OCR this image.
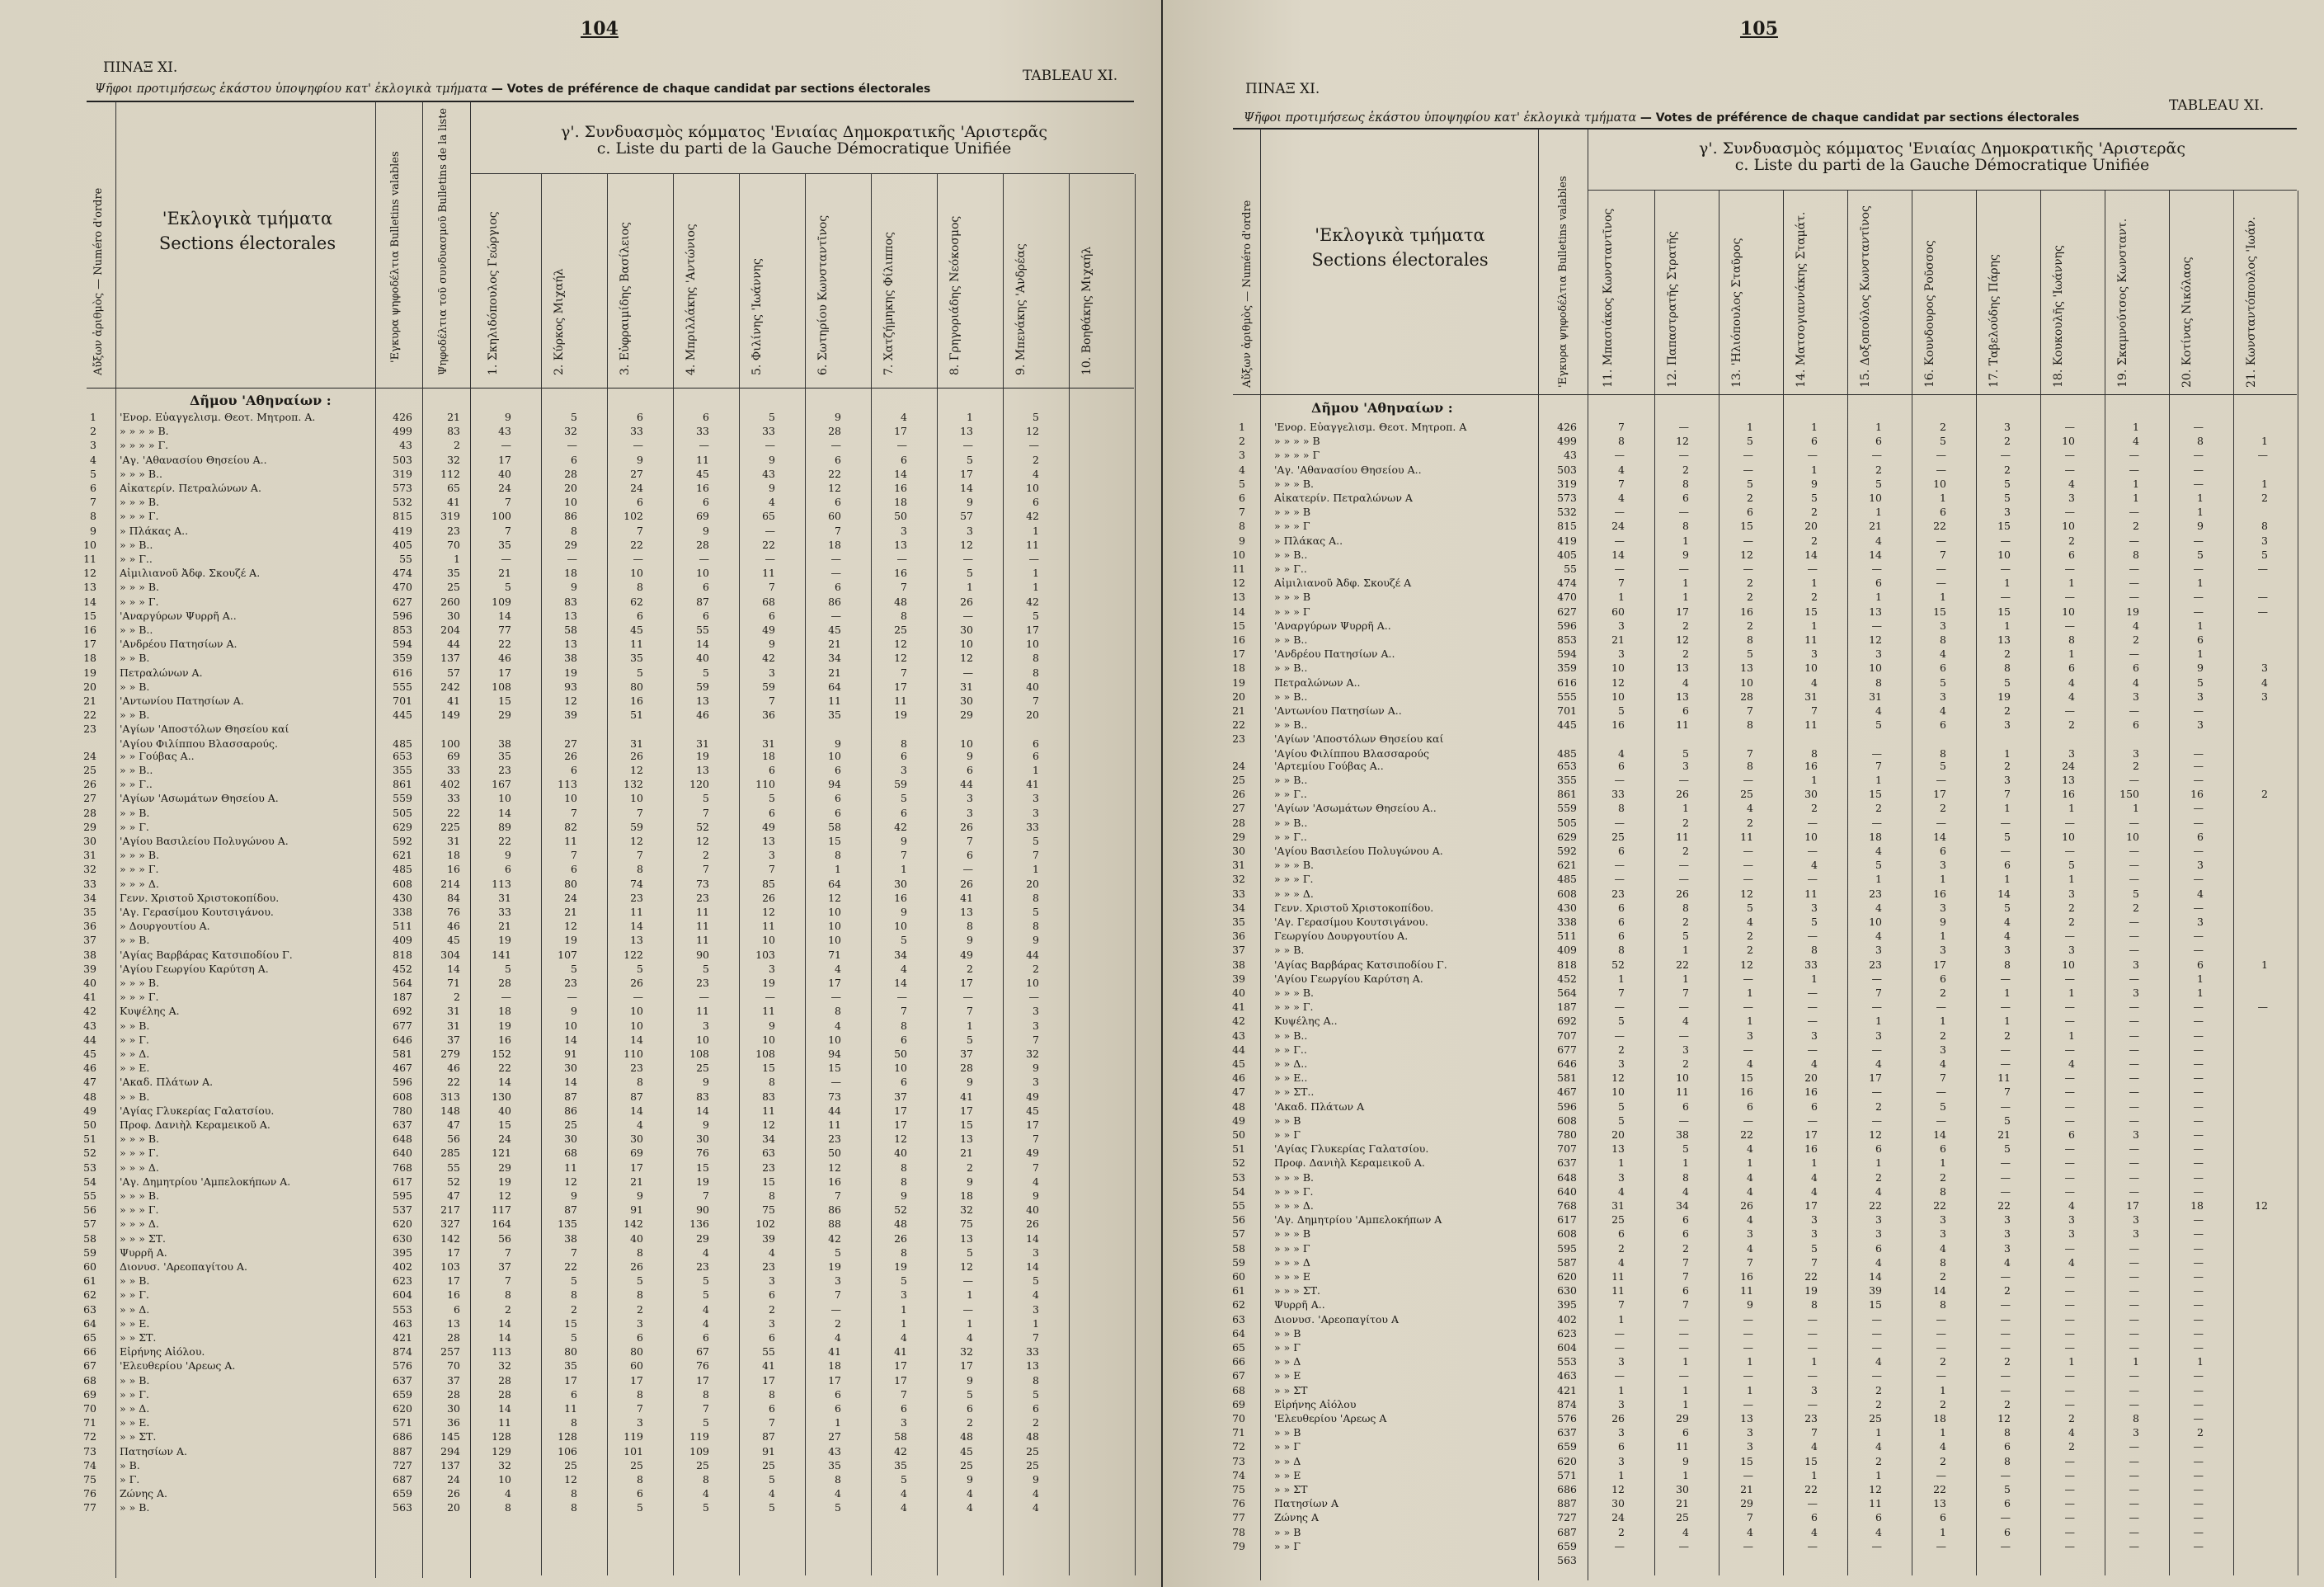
104
ΠΙΝΑΞ XI.	TABLEAU XI.
Ψῆφοι προτιμήσεως ἑκάστου ὑποψηφίου κατ' ἐκλογικὰ τμήματα — Votes de préférence de chaque candidat par sections électorales
γ'. Συνδυασμὸς κόμματος 'Ενιαίας Δημοκρατικῆς 'Αριστερᾶς
c. Liste du parti de la Gauche Démocratique Unifiée
'Εκλογικὰ τμήματα
Sections électorales
Αὔξων ἀριθμὸς — Numéro d'ordre	'Εγκυρα ψηφοδέλτια Bulletins valables	Ψηφοδέλτια τοῦ συνδυασμοῦ Bulletins de la liste	1. Σκηλιδόπουλος Γεώργιος	2. Κύρκος Μιχαήλ	3. Εὐφραιμίδης Βασίλειος	4. Μπριλλάκης 'Αντώνιος	5. Φιλίνης 'Ιωάννης	6. Σωτηρίου Κωνσταντῖνος	7. Χατζήμηκης Φίλιππος	8. Γρηγοριάδης Νεόκοσμος	9. Μπενάκης 'Ανδρέας	10. Βοηθάκης Μιχαήλ
Δῆμου 'Αθηναίων :
1 'Ενορ. Εὐαγγελισμ. Θεοτ. Μητροπ. Α.	426	21	9	5	6	6	5	9	4	1	5
2 » » » » Β.	499	83	43	32	33	33	33	28	17	13	12
3 » » » » Γ.	43	2	—	—	—	—	—	—	—	—	—
4 'Αγ. 'Αθανασίου Θησείου Α..	503	32	17	6	9	11	9	6	6	5	2
5 » » » Β..	319	112	40	28	27	45	43	22	14	17	4
6 Αἰκατερίν. Πετραλώνων Α.	573	65	24	20	24	16	9	12	16	14	10
7 » » » Β.	532	41	7	10	6	6	4	6	18	9	6
8 » » » Γ.	815	319	100	86	102	69	65	60	50	57	42
9 » Πλάκας Α..	419	23	7	8	7	9	—	7	3	3	1
10 » » Β..	405	70	35	29	22	28	22	18	13	12	11
11 » » Γ..	55	1	—	—	—	—	—	—	—	—	—
12 Αἰμιλιανοῦ Ἀδφ. Σκουζέ Α.	474	35	21	18	10	10	11	—	16	5	1
13 » » » Β.	470	25	5	9	8	6	7	6	7	1	1
14 » » » Γ.	627	260	109	83	62	87	68	86	48	26	42
15 'Αναργύρων Ψυρρῆ Α..	596	30	14	13	6	6	6	—	8	—	5
16 » » Β..	853	204	77	58	45	55	49	45	25	30	17
17 'Ανδρέου Πατησίων Α.	594	44	22	13	11	14	9	21	12	10	10
18 » » Β.	359	137	46	38	35	40	42	34	12	12	8
19 Πετραλώνων Α.	616	57	17	19	5	5	3	21	7	—	8
20 » » Β.	555	242	108	93	80	59	59	64	17	31	40
21 'Αντωνίου Πατησίων Α.	701	41	15	12	16	13	7	11	11	30	7
22 » » Β.	445	149	29	39	51	46	36	35	19	29	20
23 'Αγίων 'Αποστόλων Θησείου καί
'Αγίου Φιλίππου Βλασσαρούς.	485	100	38	27	31	31	31	9	8	10	6
24 » » Γούβας Α..	653	69	35	26	26	19	18	10	6	9	6
25 » » Β..	355	33	23	6	12	13	6	6	3	6	1
26 » » Γ..	861	402	167	113	132	120	110	94	59	44	41
27 'Αγίων 'Ασωμάτων Θησείου Α.	559	33	10	10	10	5	5	6	5	3	3
28 » » Β.	505	22	14	7	7	7	6	6	6	3	3
29 » » Γ.	629	225	89	82	59	52	49	58	42	26	33
30 'Αγίου Βασιλείου Πολυγώνου Α.	592	31	22	11	12	12	13	15	9	7	5
31 » » » Β.	621	18	9	7	7	2	3	8	7	6	7
32 » » » Γ.	485	16	6	6	8	7	7	1	1	—	1
33 » » » Δ.	608	214	113	80	74	73	85	64	30	26	20
34 Γενν. Χριστοῦ Χριστοκοπίδου.	430	84	31	24	23	23	26	12	16	41	8
35 'Αγ. Γερασίμου Κουτσιγάνου.	338	76	33	21	11	11	12	10	9	13	5
36 » Δουργουτίου Α.	511	46	21	12	14	11	11	10	10	8	8
37 » » Β.	409	45	19	19	13	11	10	10	5	9	9
38 'Αγίας Βαρβάρας Κατσιποδίου Γ.	818	304	141	107	122	90	103	71	34	49	44
39 'Αγίου Γεωργίου Καρύτση Α.	452	14	5	5	5	5	3	4	4	2	2
40 » » » Β.	564	71	28	23	26	23	19	17	14	17	10
41 » » » Γ.	187	2	—	—	—	—	—	—	—	—	—
42 Κυψέλης Α.	692	31	18	9	10	11	11	8	7	7	3
43 » » Β.	677	31	19	10	10	3	9	4	8	1	3
44 » » Γ.	646	37	16	14	14	10	10	10	6	5	7
45 » » Δ.	581	279	152	91	110	108	108	94	50	37	32
46 » » Ε.	467	46	22	30	23	25	15	15	10	28	9
47 'Ακαδ. Πλάτων Α.	596	22	14	14	8	9	8	—	6	9	3
48 » » Β.	608	313	130	87	87	83	83	73	37	41	49
49 'Αγίας Γλυκερίας Γαλατσίου.	780	148	40	86	14	14	11	44	17	17	45
50 Προφ. Δανιὴλ Κεραμεικοῦ Α.	637	47	15	25	4	9	12	11	17	15	17
51 » » » Β.	648	56	24	30	30	30	34	23	12	13	7
52 » » » Γ.	640	285	121	68	69	76	63	50	40	21	49
53 » » » Δ.	768	55	29	11	17	15	23	12	8	2	7
54 'Αγ. Δημητρίου 'Αμπελοκήπων Α.	617	52	19	12	21	19	15	16	8	9	4
55 » » » Β.	595	47	12	9	9	7	8	7	9	18	9
56 » » » Γ.	537	217	117	87	91	90	75	86	52	32	40
57 » » » Δ.	620	327	164	135	142	136	102	88	48	75	26
58 » » » ΣΤ.	630	142	56	38	40	29	39	42	26	13	14
59 Ψυρρῆ Α.	395	17	7	7	8	4	4	5	8	5	3
60 Διονυσ. 'Αρεοπαγίτου Α.	402	103	37	22	26	23	23	19	19	12	14
61 » » Β.	623	17	7	5	5	5	3	3	5	—	5
62 » » Γ.	604	16	8	8	8	5	6	7	3	1	4
63 » » Δ.	553	6	2	2	2	4	2	—	1	—	3
64 » » Ε.	463	13	14	15	3	4	3	2	1	1	1
65 » » ΣΤ.	421	28	14	5	6	6	6	4	4	4	7
66 Εἰρήνης Αἰόλου.	874	257	113	80	80	67	55	41	41	32	33
67 'Ελευθερίου 'Αρεως Α.	576	70	32	35	60	76	41	18	17	17	13
68 » » Β.	637	37	28	17	17	17	17	17	17	9	8
69 » » Γ.	659	28	28	6	8	8	8	6	7	5	5
70 » » Δ.	620	30	14	11	7	7	6	6	6	6	6
71 » » Ε.	571	36	11	8	3	5	7	1	3	2	2
72 » » ΣΤ.	686	145	128	128	119	119	87	27	58	48	48
73 Πατησίων Α.	887	294	129	106	101	109	91	43	42	45	25
74 » Β.	727	137	32	25	25	25	25	35	35	25	25
75 » Γ.	687	24	10	12	8	8	5	8	5	9	9
76 Ζώνης Α.	659	26	4	8	6	4	4	4	4	4	4
77 » » Β.	563	20	8	8	5	5	5	5	4	4	4
105
ΠΙΝΑΞ XI.
TABLEAU XI.
Ψῆφοι προτιμήσεως ἑκάστου ὑποψηφίου κατ' ἐκλογικὰ τμήματα — Votes de préférence de chaque candidat par sections électorales
γ'. Συνδυασμὸς κόμματος 'Ενιαίας Δημοκρατικῆς 'Αριστερᾶς
c. Liste du parti de la Gauche Démocratique Unifiée
'Εκλογικὰ τμήματα
Sections électorales
Αὔξων ἀριθμὸς — Numéro d'ordre	'Εγκυρα ψηφοδέλτια Bulletins valables	11. Μπασιάκος Κωνσταντῖνος	12. Παπαστρατῆς Στρατῆς	13. 'Ηλιόπουλος Σταῦρος	14. Ματσογιαννάκης Σταμάτ.	15. Δοξοπούλος Κωνσταντῖνος	16. Κουνδουρος Ροῦσσος	17. Ταβελούδης Πάρης	18. Κουκουλῆς 'Ιωάννης	19. Σκαμνούτσος Κωνσταντ.	20. Κοτίνας Νικόλαος	21. Κωνσταντόπουλος 'Ιωάν.
Δῆμου 'Αθηναίων :
1	'Ενορ. Εὐαγγελισμ. Θεοτ. Μητροπ. Α	426	7	—	1	1	1	2	3	—	1	—
2	» » » » Β	499	8	12	5	6	6	5	2	10	4	8	1
3	» » » » Γ	43	—	—	—	—	—	—	—	—	—	—	—
4	'Αγ. 'Αθανασίου Θησείου Α..	503	4	2	—	1	2	—	2	—	—	—
5	» » » Β.	319	7	8	5	9	5	10	5	4	1	—	1
6	Αἰκατερίν. Πετραλώνων Α	573	4	6	2	5	10	1	5	3	1	1	2
7	» » » Β	532	—	—	6	2	1	6	3	—	—	1
8	» » » Γ	815	24	8	15	20	21	22	15	10	2	9	8
9	» Πλάκας Α..	419	—	1	—	2	4	—	—	2	—	—	3
10	» » Β..	405	14	9	12	14	14	7	10	6	8	5	5
11	» » Γ..	55	—	—	—	—	—	—	—	—	—	—	—
12	Αἰμιλιανοῦ Ἀδφ. Σκουζέ Α	474	7	1	2	1	6	—	1	1	—	1
13	» » » Β	470	1	1	2	2	1	1	—	—	—	—	—
14	» » » Γ	627	60	17	16	15	13	15	15	10	19	—	—
15	'Αναργύρων Ψυρρῆ Α..	596	3	2	2	1	—	3	1	—	4	1
16	» » Β..	853	21	12	8	11	12	8	13	8	2	6
17	'Ανδρέου Πατησίων Α..	594	3	2	5	3	3	4	2	1	—	1
18	» » Β..	359	10	13	13	10	10	6	8	6	6	9	3
19	Πετραλώνων Α..	616	12	4	10	4	8	5	5	4	4	5	4
20	» » Β..	555	10	13	28	31	31	3	19	4	3	3	3
21	'Αντωνίου Πατησίων Α..	701	5	6	7	7	4	4	2	—	—	—
22	» » Β..	445	16	11	8	11	5	6	3	2	6	3
23	'Αγίων 'Αποστόλων Θησείου καί
'Αγίου Φιλίππου Βλασσαρούς	485	4	5	7	8	—	8	1	3	3	—
24	'Αρτεμίου Γούβας Α..	653	6	3	8	16	7	5	2	24	2	—
25	» » Β..	355	—	—	—	1	1	—	3	13	—	—
26	» » Γ..	861	33	26	25	30	15	17	7	16	150	16	2
27	'Αγίων 'Ασωμάτων Θησείου Α..	559	8	1	4	2	2	2	1	1	1	—
28	» » Β..	505	—	2	2	—	—	—	—	—	—	—
29	» » Γ..	629	25	11	11	10	18	14	5	10	10	6
30	'Αγίου Βασιλείου Πολυγώνου Α.	592	6	2	—	—	4	6	—	—	—	—
31	» » » Β.	621	—	—	—	4	5	3	6	5	—	3
32	» » » Γ.	485	—	—	—	—	1	1	1	1	—	—
33	» » » Δ.	608	23	26	12	11	23	16	14	3	5	4
34	Γενν. Χριστοῦ Χριστοκοπίδου.	430	6	8	5	3	4	3	5	2	2	—
35	'Αγ. Γερασίμου Κουτσιγάνου.	338	6	2	4	5	10	9	4	2	—	3
36	Γεωργίου Δουργουτίου Α.	511	6	5	2	—	4	1	4	—	—	—
37	» » Β.	409	8	1	2	8	3	3	3	3	—	—
38	'Αγίας Βαρβάρας Κατσιποδίου Γ.	818	52	22	12	33	23	17	8	10	3	6	1
39	'Αγίου Γεωργίου Καρύτση Α.	452	1	1	—	1	—	6	—	—	—	1
40	» » » Β.	564	7	7	1	—	7	2	1	1	3	1
41	» » » Γ.	187	—	—	—	—	—	—	—	—	—	—	—
42	Κυψέλης Α..	692	5	4	1	—	1	1	1	—	—	—
43	» » Β..	707	—	—	3	3	3	2	2	1	—	—
44	» » Γ..	677	2	3	—	—	—	3	—	—	—	—
45	» » Δ..	646	3	2	4	4	4	4	—	4	—	—
46	» » Ε..	581	12	10	15	20	17	7	11	—	—	—
47	» » ΣΤ..	467	10	11	16	16	—	—	7	—	—	—
48	'Ακαδ. Πλάτων Α	596	5	6	6	6	2	5	—	—	—	—
49	» » Β	608	5	—	—	—	—	—	5	—	—	—
50	» » Γ	780	20	38	22	17	12	14	21	6	3	—
51	'Αγίας Γλυκερίας Γαλατσίου.	707	13	5	4	16	6	6	5	—	—	—
52	Προφ. Δανιὴλ Κεραμεικοῦ Α.	637	1	1	1	1	1	1	—	—	—	—
53	» » » Β.	648	3	8	4	4	2	2	—	—	—	—
54	» » » Γ.	640	4	4	4	4	4	8	—	—	—	—
55	» » » Δ.	768	31	34	26	17	22	22	22	4	17	18	12
56	'Αγ. Δημητρίου 'Αμπελοκήπων Α	617	25	6	4	3	3	3	3	3	3	—
57	» » » Β	608	6	6	3	3	3	3	3	3	3	—
58	» » » Γ	595	2	2	4	5	6	4	3	—	—	—
59	» » » Δ	587	4	7	7	7	4	8	4	4	—	—
60	» » » Ε	620	11	7	16	22	14	2	—	—	—	—
61	» » » ΣΤ.	630	11	6	11	19	39	14	2	—	—	—
62	Ψυρρῆ Α..	395	7	7	9	8	15	8	—	—	—	—
63	Διονυσ. 'Αρεοπαγίτου Α	402	1	—	—	—	—	—	—	—	—	—
64	» » Β	623	—	—	—	—	—	—	—	—	—	—
65	» » Γ	604	—	—	—	—	—	—	—	—	—	—
66	» » Δ	553	3	1	1	1	4	2	2	1	1	1
67	» » Ε	463	—	—	—	—	—	—	—	—	—	—
68	» » ΣΤ	421	1	1	1	3	2	1	—	—	—	—
69	Εἰρήνης Αἰόλου	874	3	1	—	—	2	2	2	—	—	—
70	'Ελευθερίου 'Αρεως Α	576	26	29	13	23	25	18	12	2	8	—
71	» » Β	637	3	6	3	7	1	1	8	4	3	2
72	» » Γ	659	6	11	3	4	4	4	6	2	—	—
73	» » Δ	620	3	9	15	15	2	2	8	—	—	—
74	» » Ε	571	1	1	—	1	1	—	—	—	—	—
75	» » ΣΤ	686	12	30	21	22	12	22	5	—	—	—
76	Πατησίων Α	887	30	21	29	—	11	13	6	—	—	—
77	Ζώνης Α	727	24	25	7	6	6	6	—	—	—	—
78	» » Β	687	2	4	4	4	4	1	6	—	—	—
79	» » Γ	659	—	—	—	—	—	—	—	—	—	—
563
